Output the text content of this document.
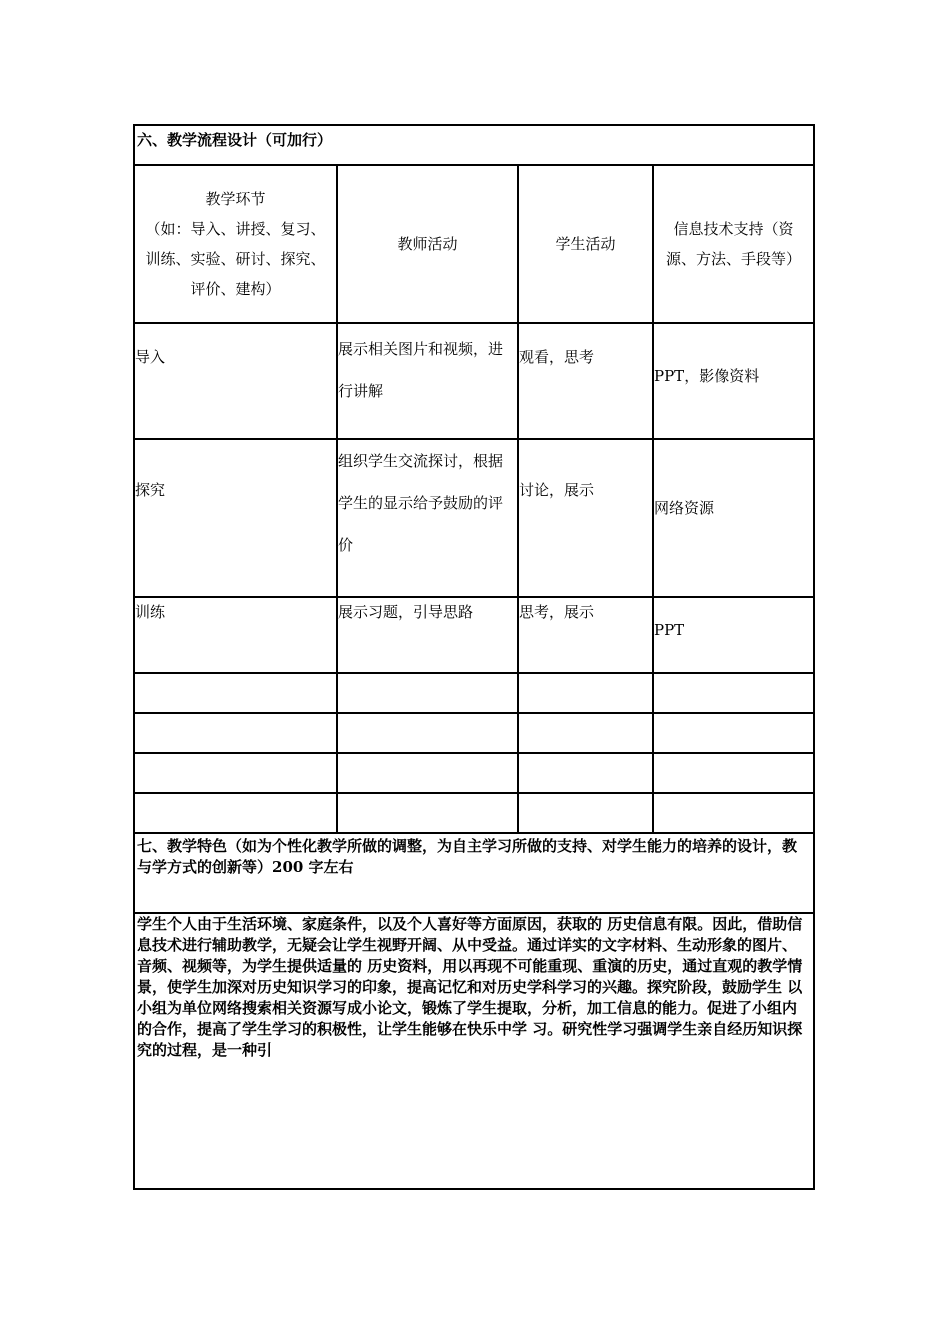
六、教学流程设计（可加行）			

教学环节
（如：导入、讲授、复习、
训练、实验、研讨、探究、
评价、建构）	教师活动	学生活动	信息技术支持（资
源、方法、手段等）

导入	展示相关图片和视频，进行讲解	观看，思考	PPT，影像资料
探究	组织学生交流探讨，根据学生的显示给予鼓励的评价	讨论，展示	网络资源
训练	展示习题，引导思路	思考，展示	PPT

七、教学特色（如为个性化教学所做的调整，为自主学习所做的支持、对学生能力的培养的设计，教与学方式的创新等）200 字左右			
学生个人由于生活环境、家庭条件，以及个人喜好等方面原因，获取的 历史信息有限。因此，借助信息技术进行辅助教学，无疑会让学生视野开阔、从中受益。通过详实的文字材料、生动形象的图片、音频、视频等，为学生提供适量的 历史资料，用以再现不可能重现、重演的历史，通过直观的教学情景，使学生加深对历史知识学习的印象，提高记忆和对历史学科学习的兴趣。探究阶段，鼓励学生 以小组为单位网络搜索相关资源写成小论文，锻炼了学生提取，分析，加工信息的能力。促进了小组内的合作，提高了学生学习的积极性，让学生能够在快乐中学 习。研究性学习强调学生亲自经历知识探究的过程，是一种引			
